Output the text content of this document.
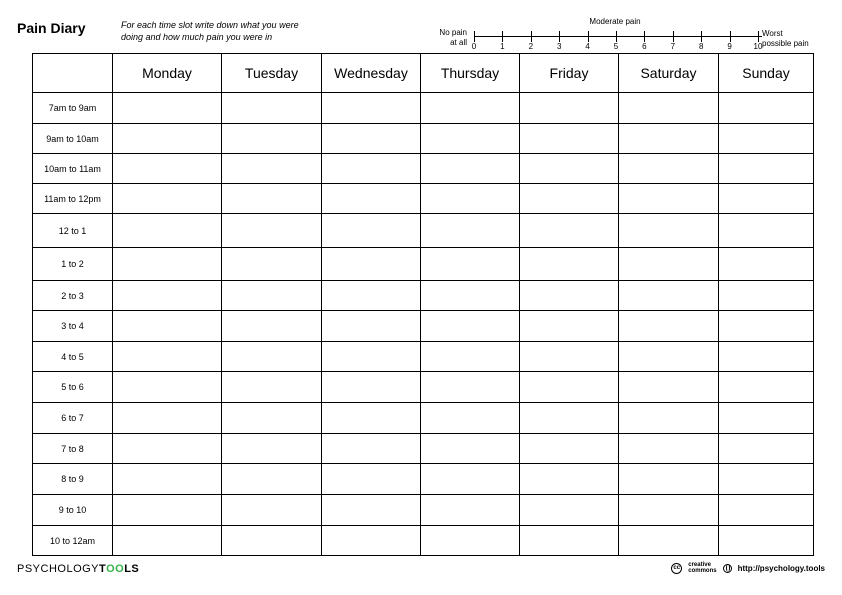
Pain Diary	For each time slot write down what you were doing and how much pain you were in	No pain
at all
Moderate pain
Worst
possible pain
0	1	2	3	4	5	6	7	8	9	10
	Monday	Tuesday	Wednesday	Thursday	Friday	Saturday	Sunday
7am to 9am							
9am to 10am							
10am to 11am							
11am to 12pm							
12 to 1							
1 to 2							
2 to 3							
3 to 4							
4 to 5							
5 to 6							
6 to 7							
7 to 8							
8 to 9							
9 to 10							
10 to 12am							
PSYCHOLOGYTOOLS	cc	creative
commons	http://psychology.tools
